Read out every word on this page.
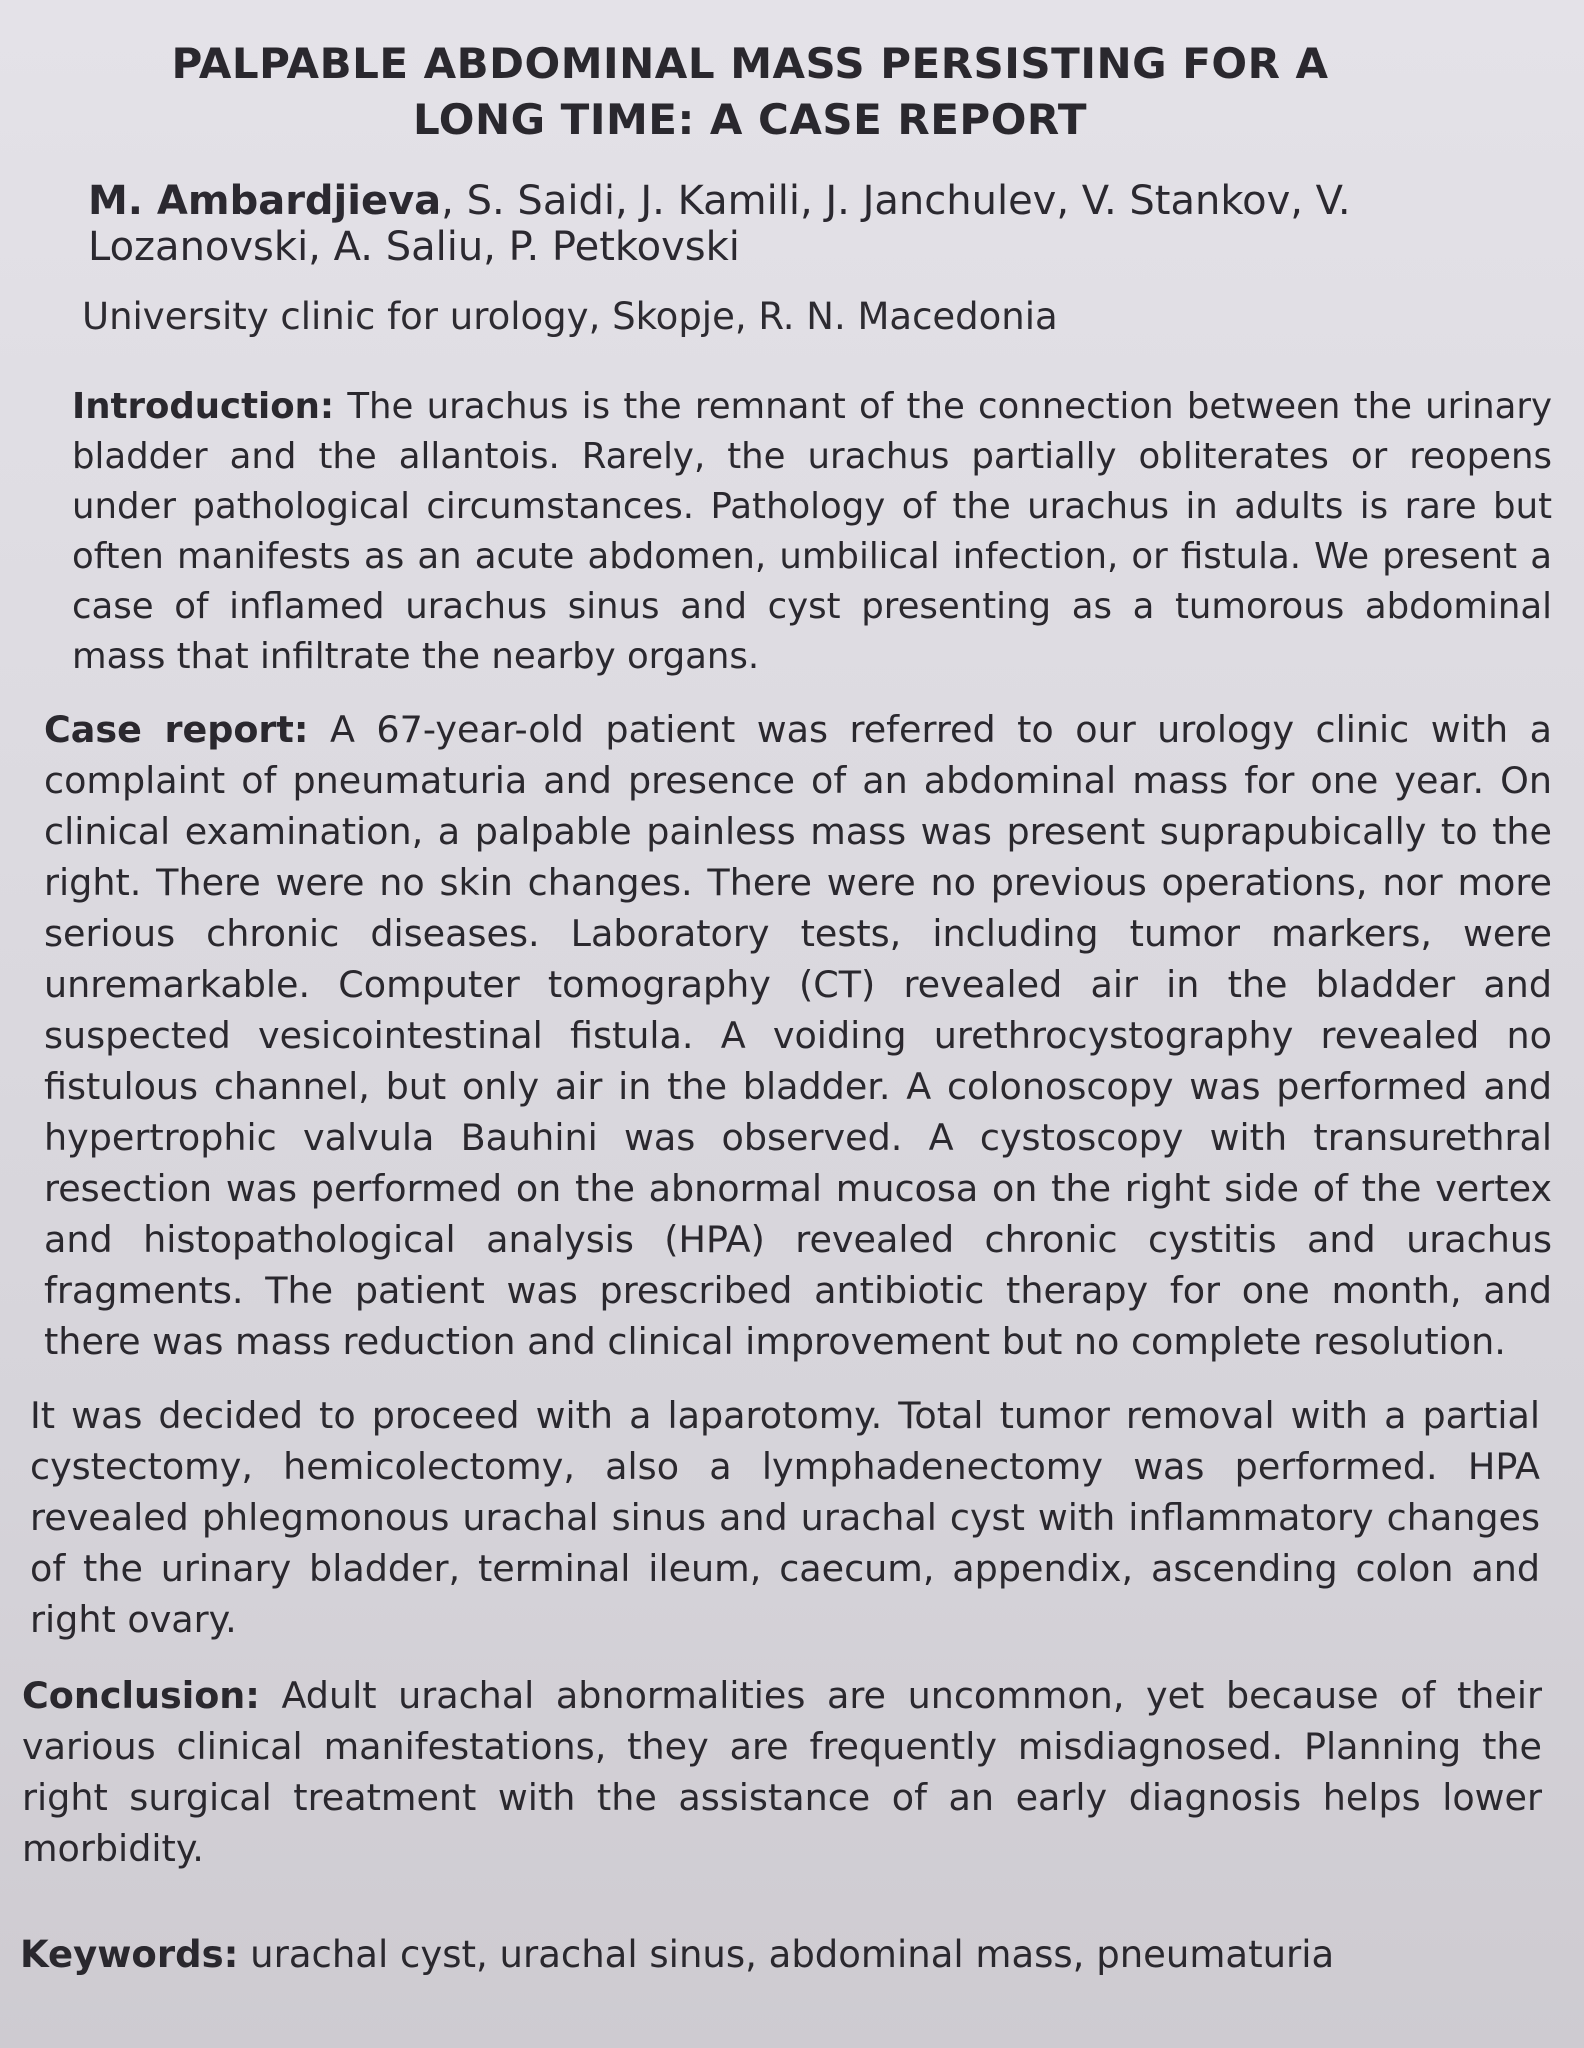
PALPABLE ABDOMINAL MASS PERSISTING FOR A LONG TIME: A CASE REPORT

M. Ambardjieva, S. Saidi, J. Kamili, J. Janchulev, V. Stankov, V. Lozanovski, A. Saliu, P. Petkovski

University clinic for urology, Skopje, R. N. Macedonia

Introduction: The urachus is the remnant of the connection between the urinary bladder and the allantois. Rarely, the urachus partially obliterates or reopens under pathological circumstances. Pathology of the urachus in adults is rare but often manifests as an acute abdomen, umbilical infection, or fistula. We present a case of inflamed urachus sinus and cyst presenting as a tumorous abdominal mass that infiltrate the nearby organs.

Case report: A 67-year-old patient was referred to our urology clinic with a complaint of pneumaturia and presence of an abdominal mass for one year. On clinical examination, a palpable painless mass was present suprapubically to the right. There were no skin changes. There were no previous operations, nor more serious chronic diseases. Laboratory tests, including tumor markers, were unremarkable. Computer tomography (CT) revealed air in the bladder and suspected vesicointestinal fistula. A voiding urethrocystography revealed no fistulous channel, but only air in the bladder. A colonoscopy was performed and hypertrophic valvula Bauhini was observed. A cystoscopy with transurethral resection was performed on the abnormal mucosa on the right side of the vertex and histopathological analysis (HPA) revealed chronic cystitis and urachus fragments. The patient was prescribed antibiotic therapy for one month, and there was mass reduction and clinical improvement but no complete resolution.

It was decided to proceed with a laparotomy. Total tumor removal with a partial cystectomy, hemicolectomy, also a lymphadenectomy was performed. HPA revealed phlegmonous urachal sinus and urachal cyst with inflammatory changes of the urinary bladder, terminal ileum, caecum, appendix, ascending colon and right ovary.

Conclusion: Adult urachal abnormalities are uncommon, yet because of their various clinical manifestations, they are frequently misdiagnosed. Planning the right surgical treatment with the assistance of an early diagnosis helps lower morbidity.

Keywords: urachal cyst, urachal sinus, abdominal mass, pneumaturia
